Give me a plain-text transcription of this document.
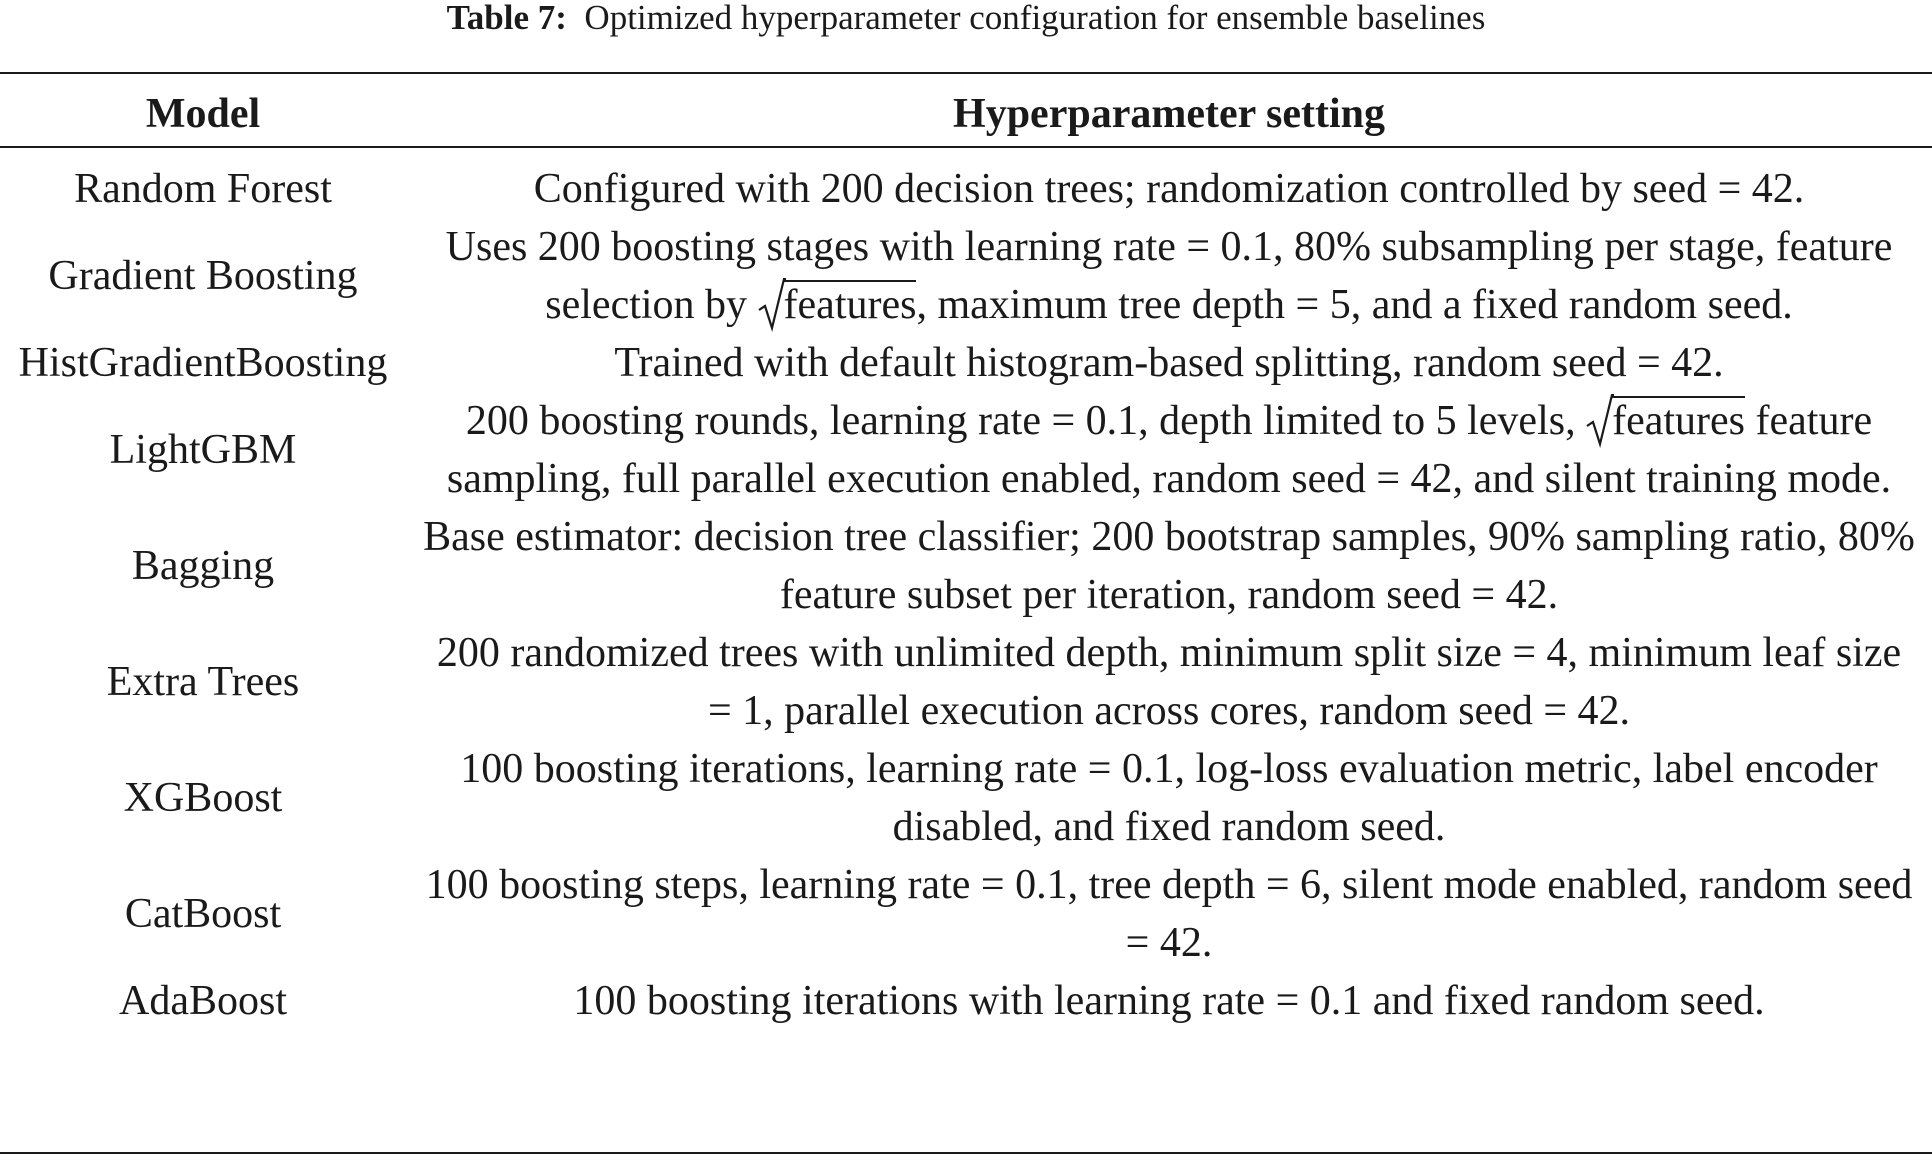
Table 7: Optimized hyperparameter configuration for ensemble baselines
Model	Hyperparameter setting
Random Forest	Configured with 200 decision trees; randomization controlled by seed = 42.
Gradient Boosting	Uses 200 boosting stages with learning rate = 0.1, 80% subsampling per stage, feature selection by
features, maximum tree depth = 5, and a fixed random seed.
HistGradientBoosting	Trained with default histogram-based splitting, random seed = 42.
LightGBM	200 boosting rounds, learning rate = 0.1, depth limited to 5 levels,
features feature sampling, full parallel execution enabled, random seed = 42, and silent training mode.
Bagging	Base estimator: decision tree classifier; 200 bootstrap samples, 90% sampling ratio, 80% feature subset per iteration, random seed = 42.
Extra Trees	200 randomized trees with unlimited depth, minimum split size = 4, minimum leaf size = 1, parallel execution across cores, random seed = 42.
XGBoost	100 boosting iterations, learning rate = 0.1, log-loss evaluation metric, label encoder disabled, and fixed random seed.
CatBoost	100 boosting steps, learning rate = 0.1, tree depth = 6, silent mode enabled, random seed = 42.
AdaBoost	100 boosting iterations with learning rate = 0.1 and fixed random seed.
